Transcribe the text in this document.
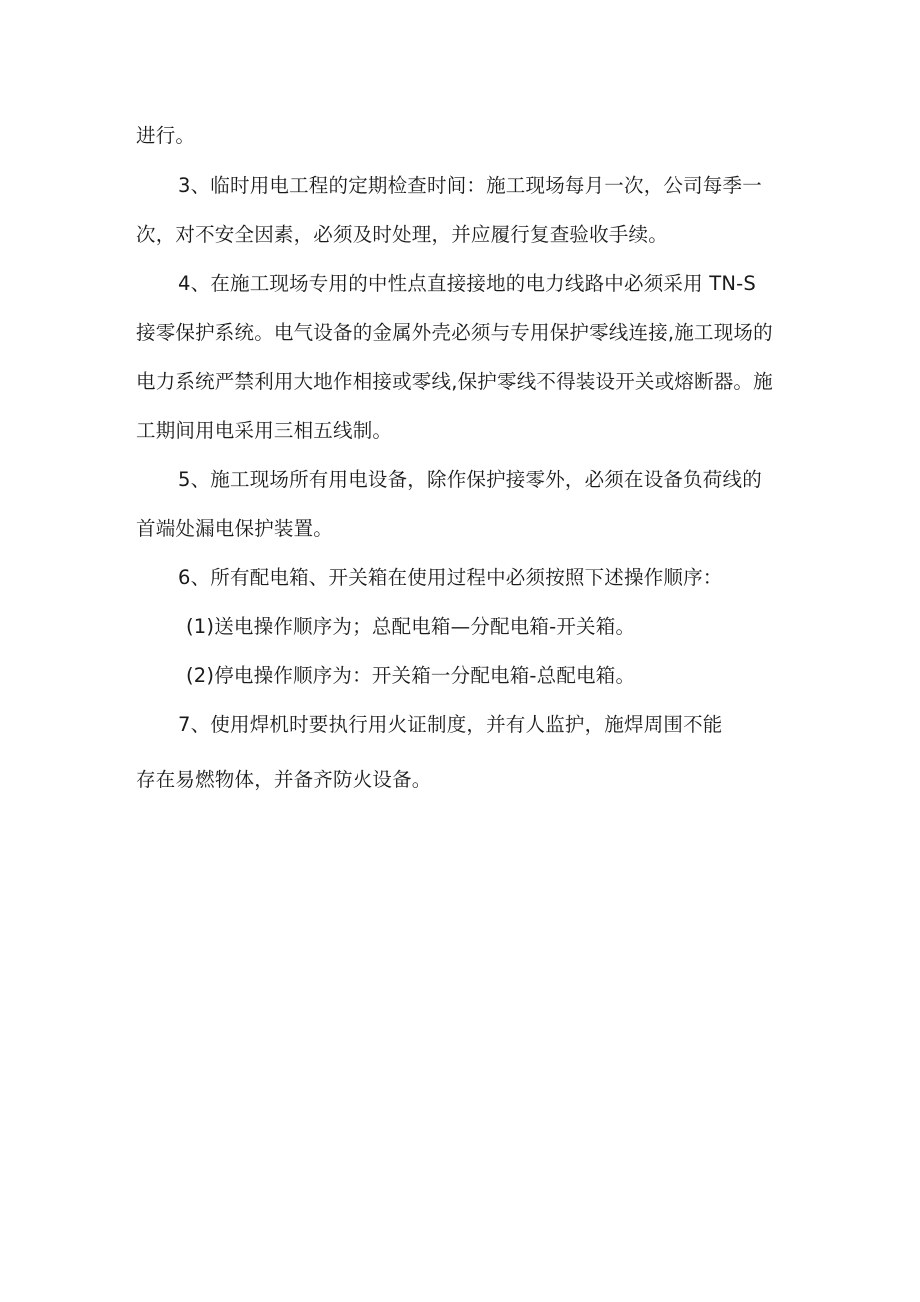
进行。
3、临时用电工程的定期检查时间：施工现场每月一次，公司每季一
次，对不安全因素，必须及时处理，并应履行复查验收手续。
4、在施工现场专用的中性点直接接地的电力线路中必须采用 TN-S
接零保护系统。电气设备的金属外壳必须与专用保护零线连接,施工现场的
电力系统严禁利用大地作相接或零线,保护零线不得装设开关或熔断器。施
工期间用电采用三相五线制。
5、施工现场所有用电设备，除作保护接零外，必须在设备负荷线的
首端处漏电保护装置。
6、所有配电箱、开关箱在使用过程中必须按照下述操作顺序：
(1)送电操作顺序为；总配电箱—分配电箱-开关箱。
(2)停电操作顺序为：开关箱一分配电箱-总配电箱。
7、使用焊机时要执行用火证制度，并有人监护，施焊周围不能
存在易燃物体，并备齐防火设备。
